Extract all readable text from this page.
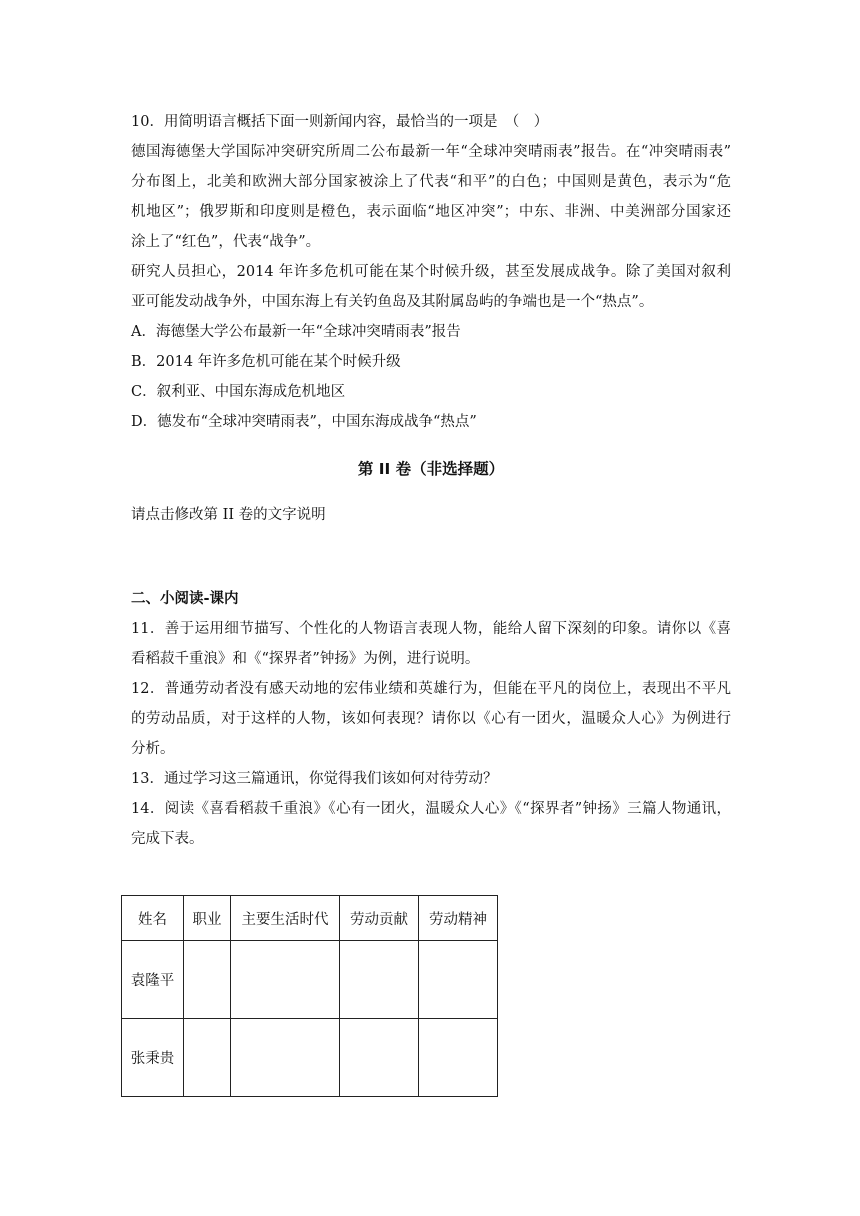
10．用简明语言概括下面一则新闻内容，最恰当的一项是　（　）

德国海德堡大学国际冲突研究所周二公布最新一年“全球冲突晴雨表”报告。在“冲突晴雨表”

分布图上，北美和欧洲大部分国家被涂上了代表“和平”的白色；中国则是黄色，表示为“危

机地区”；俄罗斯和印度则是橙色，表示面临“地区冲突”；中东、非洲、中美洲部分国家还

涂上了“红色”，代表“战争”。

研究人员担心，2014 年许多危机可能在某个时候升级，甚至发展成战争。除了美国对叙利

亚可能发动战争外，中国东海上有关钓鱼岛及其附属岛屿的争端也是一个“热点”。

A．海德堡大学公布最新一年“全球冲突晴雨表”报告

B．2014 年许多危机可能在某个时候升级

C．叙利亚、中国东海成危机地区

D．德发布“全球冲突晴雨表”，中国东海成战争“热点”

第 II 卷（非选择题）

请点击修改第 II 卷的文字说明

二、小阅读-课内

11．善于运用细节描写、个性化的人物语言表现人物，能给人留下深刻的印象。请你以《喜

看稻菽千重浪》和《“探界者”钟扬》为例，进行说明。

12．普通劳动者没有感天动地的宏伟业绩和英雄行为，但能在平凡的岗位上，表现出不平凡

的劳动品质，对于这样的人物，该如何表现？请你以《心有一团火，温暖众人心》为例进行

分析。

13．通过学习这三篇通讯，你觉得我们该如何对待劳动？

14．阅读《喜看稻菽千重浪》《心有一团火，温暖众人心》《“探界者”钟扬》三篇人物通讯，

完成下表。

姓名	职业	主要生活时代	劳动贡献	劳动精神
袁隆平				
张秉贵				
